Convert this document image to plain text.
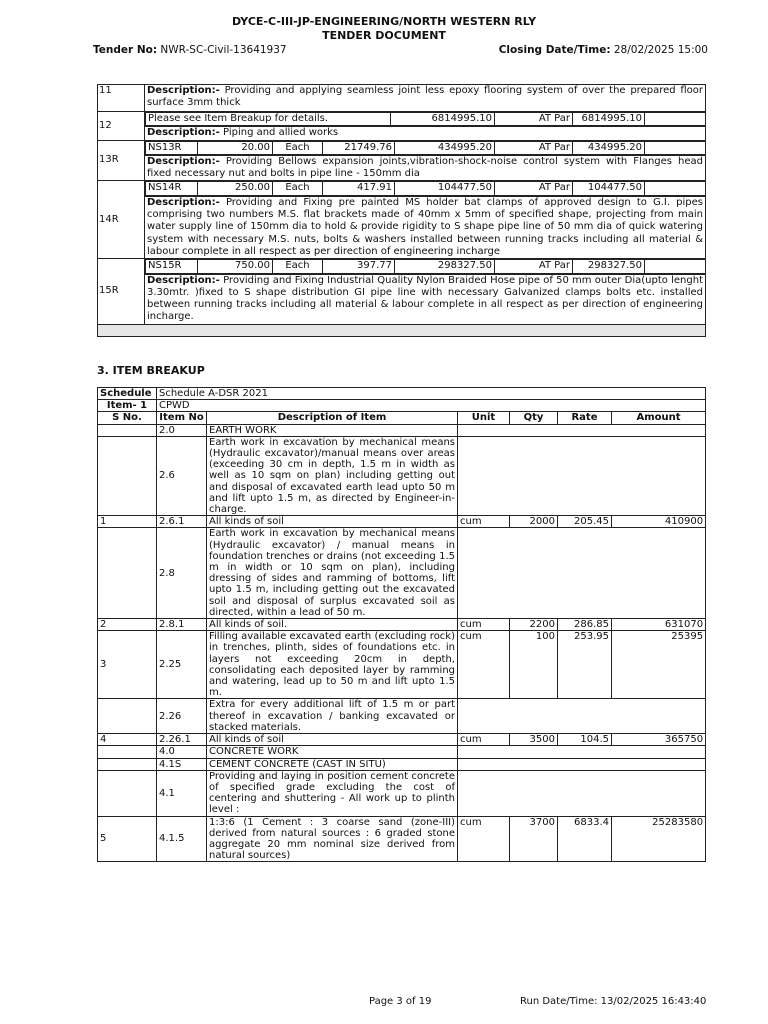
DYCE-C-III-JP-ENGINEERING/NORTH WESTERN RLY
TENDER DOCUMENT
Tender No: NWR-SC-Civil-13641937	Closing Date/Time: 28/02/2025 15:00
11	Description:- Providing and applying seamless joint less epoxy flooring system of over the prepared floor surface 3mm thick
12	
Please see Item Breakup for details.	6814995.10	AT Par	6814995.10	

Description:- Piping and allied works
13R	
NS13R	20.00	Each	21749.76	434995.20	AT Par	434995.20	

Description:- Providing Bellows expansion joints,vibration-shock-noise control system with Flanges head fixed necessary nut and bolts in pipe line - 150mm dia
14R	
NS14R	250.00	Each	417.91	104477.50	AT Par	104477.50	

Description:- Providing and Fixing pre painted MS holder bat clamps of approved design to G.I. pipes comprising two numbers M.S. flat brackets made of 40mm x 5mm of specified shape, projecting from main water supply line of 150mm dia to hold & provide rigidity to S shape pipe line of 50 mm dia of quick watering system with necessary M.S. nuts, bolts & washers installed between running tracks including all material & labour complete in all respect as per direction of engineering incharge
15R	
NS15R	750.00	Each	397.77	298327.50	AT Par	298327.50	

Description:- Providing and Fixing Industrial Quality Nylon Braided Hose pipe of 50 mm outer Dia(upto lenght 3.30mtr. )fixed to S shape distribution GI pipe line with necessary Galvanized clamps bolts etc. installed between running tracks including all material & labour complete in all respect as per direction of engineering incharge.

3. ITEM BREAKUP
Schedule	Schedule A-DSR 2021					
Item- 1	CPWD					
S No.	Item No	Description of Item	Unit	Qty	Rate	Amount
	2.0	EARTH WORK				
	2.6	Earth work in excavation by mechanical means (Hydraulic excavator)/manual means over areas (exceeding 30 cm in depth, 1.5 m in width as well as 10 sqm on plan) including getting out and disposal of excavated earth lead upto 50 m and lift upto 1.5 m, as directed by Engineer-in-charge.				
1	2.6.1	All kinds of soil	cum	2000	205.45	410900
	2.8	Earth work in excavation by mechanical means (Hydraulic excavator) / manual means in foundation trenches or drains (not exceeding 1.5 m in width or 10 sqm on plan), including dressing of sides and ramming of bottoms, lift upto 1.5 m, including getting out the excavated soil and disposal of surplus excavated soil as directed, within a lead of 50 m.				
2	2.8.1	All kinds of soil.	cum	2200	286.85	631070
3	2.25	Filling available excavated earth (excluding rock) in trenches, plinth, sides of foundations etc. in layers not exceeding 20cm in depth, consolidating each deposited layer by ramming and watering, lead up to 50 m and lift upto 1.5 m.	cum	100	253.95	25395
	2.26	Extra for every additional lift of 1.5 m or part thereof in excavation / banking excavated or stacked materials.				
4	2.26.1	All kinds of soil	cum	3500	104.5	365750
	4.0	CONCRETE WORK				
	4.1S	CEMENT CONCRETE (CAST IN SITU)				
	4.1	Providing and laying in position cement concrete of specified grade excluding the cost of centering and shuttering - All work up to plinth level :				
5	4.1.5	1:3:6 (1 Cement : 3 coarse sand (zone-III) derived from natural sources : 6 graded stone aggregate 20 mm nominal size derived from natural sources)	cum	3700	6833.4	25283580
Page 3 of 19	Run Date/Time: 13/02/2025 16:43:40
